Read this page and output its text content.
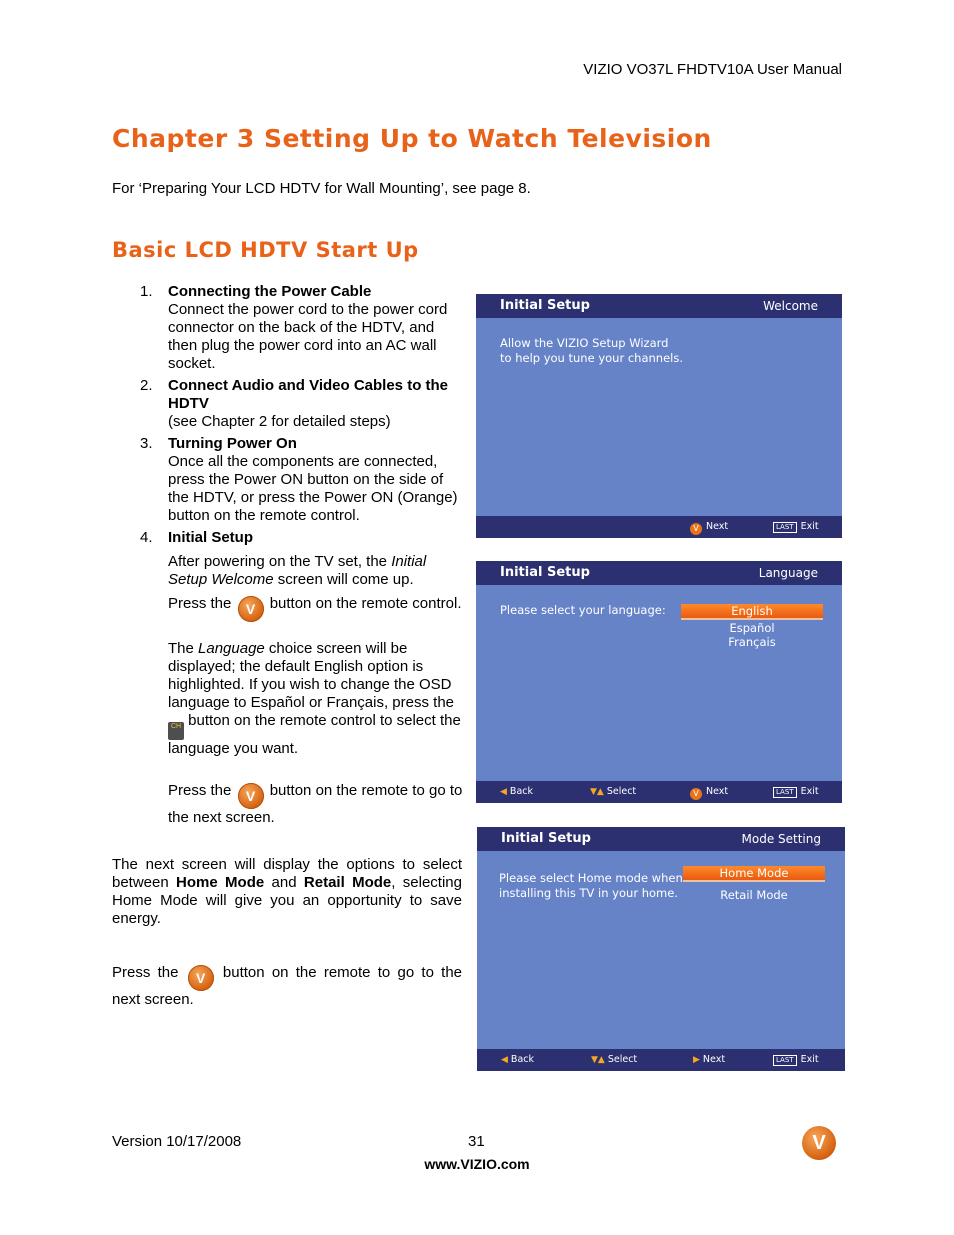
VIZIO VO37L FHDTV10A User Manual
Chapter 3 Setting Up to Watch Television
For ‘Preparing Your LCD HDTV for Wall Mounting’, see page 8.
Basic LCD HDTV Start Up
1. Connecting the Power Cable
Connect the power cord to the power cord connector on the back of the HDTV, and then plug the power cord into an AC wall socket.
2. Connect Audio and Video Cables to the HDTV
(see Chapter 2 for detailed steps)
3. Turning Power On
Once all the components are connected, press the Power ON button on the side of the HDTV, or press the Power ON (Orange) button on the remote control.
4. Initial Setup
After powering on the TV set, the Initial Setup Welcome screen will come up.
Press the V button on the remote control.
The Language choice screen will be displayed; the default English option is highlighted. If you wish to change the OSD language to Español or Français, press the CH button on the remote control to select the language you want.
Press the V button on the remote to go to the next screen.
The next screen will display the options to select between Home Mode and Retail Mode, selecting Home Mode will give you an opportunity to save energy.
Press the V button on the remote to go to the next screen.
Initial Setup	Welcome
Allow the VIZIO Setup Wizard
to help you tune your channels.
V Next	LAST Exit
Initial Setup	Language
Please select your language:	English
Español
Français
◀ Back	▼▲ Select	V Next	LAST Exit
Initial Setup	Mode Setting
Please select Home mode when
installing this TV in your home.
Home Mode
Retail Mode
◀ Back	▼▲ Select	▶ Next	LAST Exit
Version 10/17/2008	31
www.VIZIO.com
V
